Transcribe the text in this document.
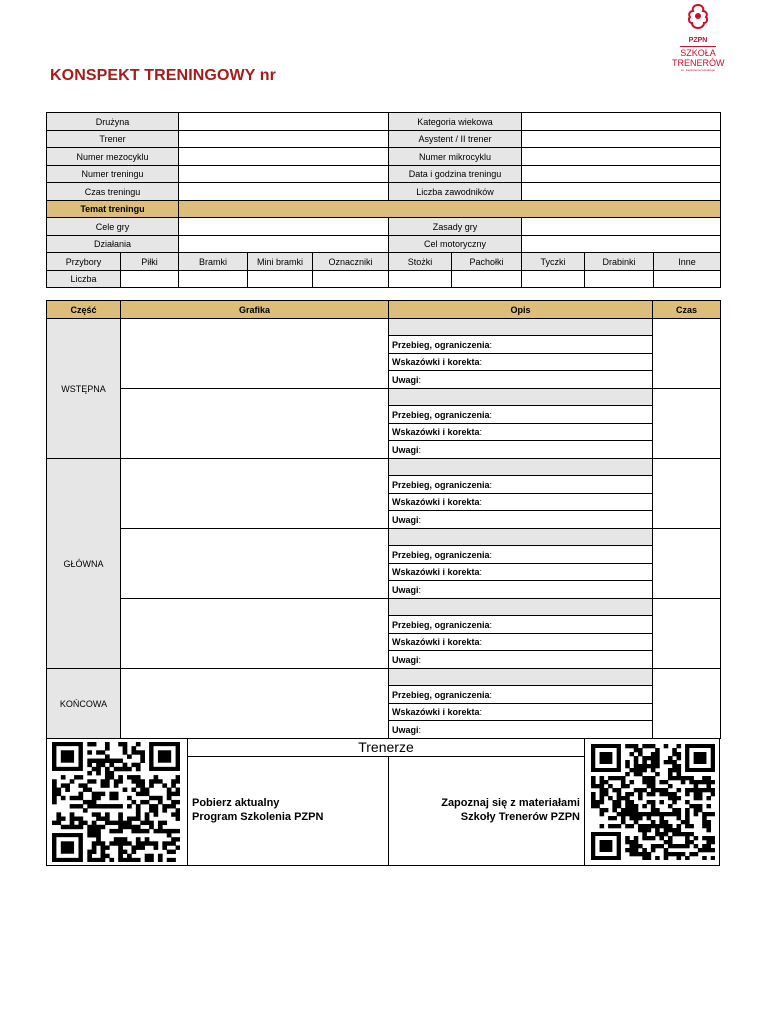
KONSPEKT TRENINGOWY nr
PZPN
SZKOŁA
TRENERÓW
im. Kazimierza Górskiego
Drużyna					Kategoria wiekowa				
Trener					Asystent / II trener				
Numer mezocyklu					Numer mikrocyklu				
Numer treningu					Data i godzina treningu				
Czas treningu					Liczba zawodników				
Temat treningu									
Cele gry					Zasady gry				
Działania					Cel motoryczny				
Przybory	Piłki	Bramki	Mini bramki	Oznaczniki	Stożki	Pachołki	Tyczki	Drabinki	Inne
Liczba									
Część	Grafika	Opis	Czas
WSTĘPNA			
		Przebieg, ograniczenia:	
		Wskazówki i korekta:	
		Uwagi:	

		Przebieg, ograniczenia:	
		Wskazówki i korekta:	
		Uwagi:	
GŁÓWNA			
		Przebieg, ograniczenia:	
		Wskazówki i korekta:	
		Uwagi:	

		Przebieg, ograniczenia:	
		Wskazówki i korekta:	
		Uwagi:	

		Przebieg, ograniczenia:	
		Wskazówki i korekta:	
		Uwagi:	
KOŃCOWA			
		Przebieg, ograniczenia:	
		Wskazówki i korekta:	
		Uwagi:	
Trenerze
Pobierz aktualny
Program Szkolenia PZPN
Zapoznaj się z materiałami
Szkoły Trenerów PZPN
